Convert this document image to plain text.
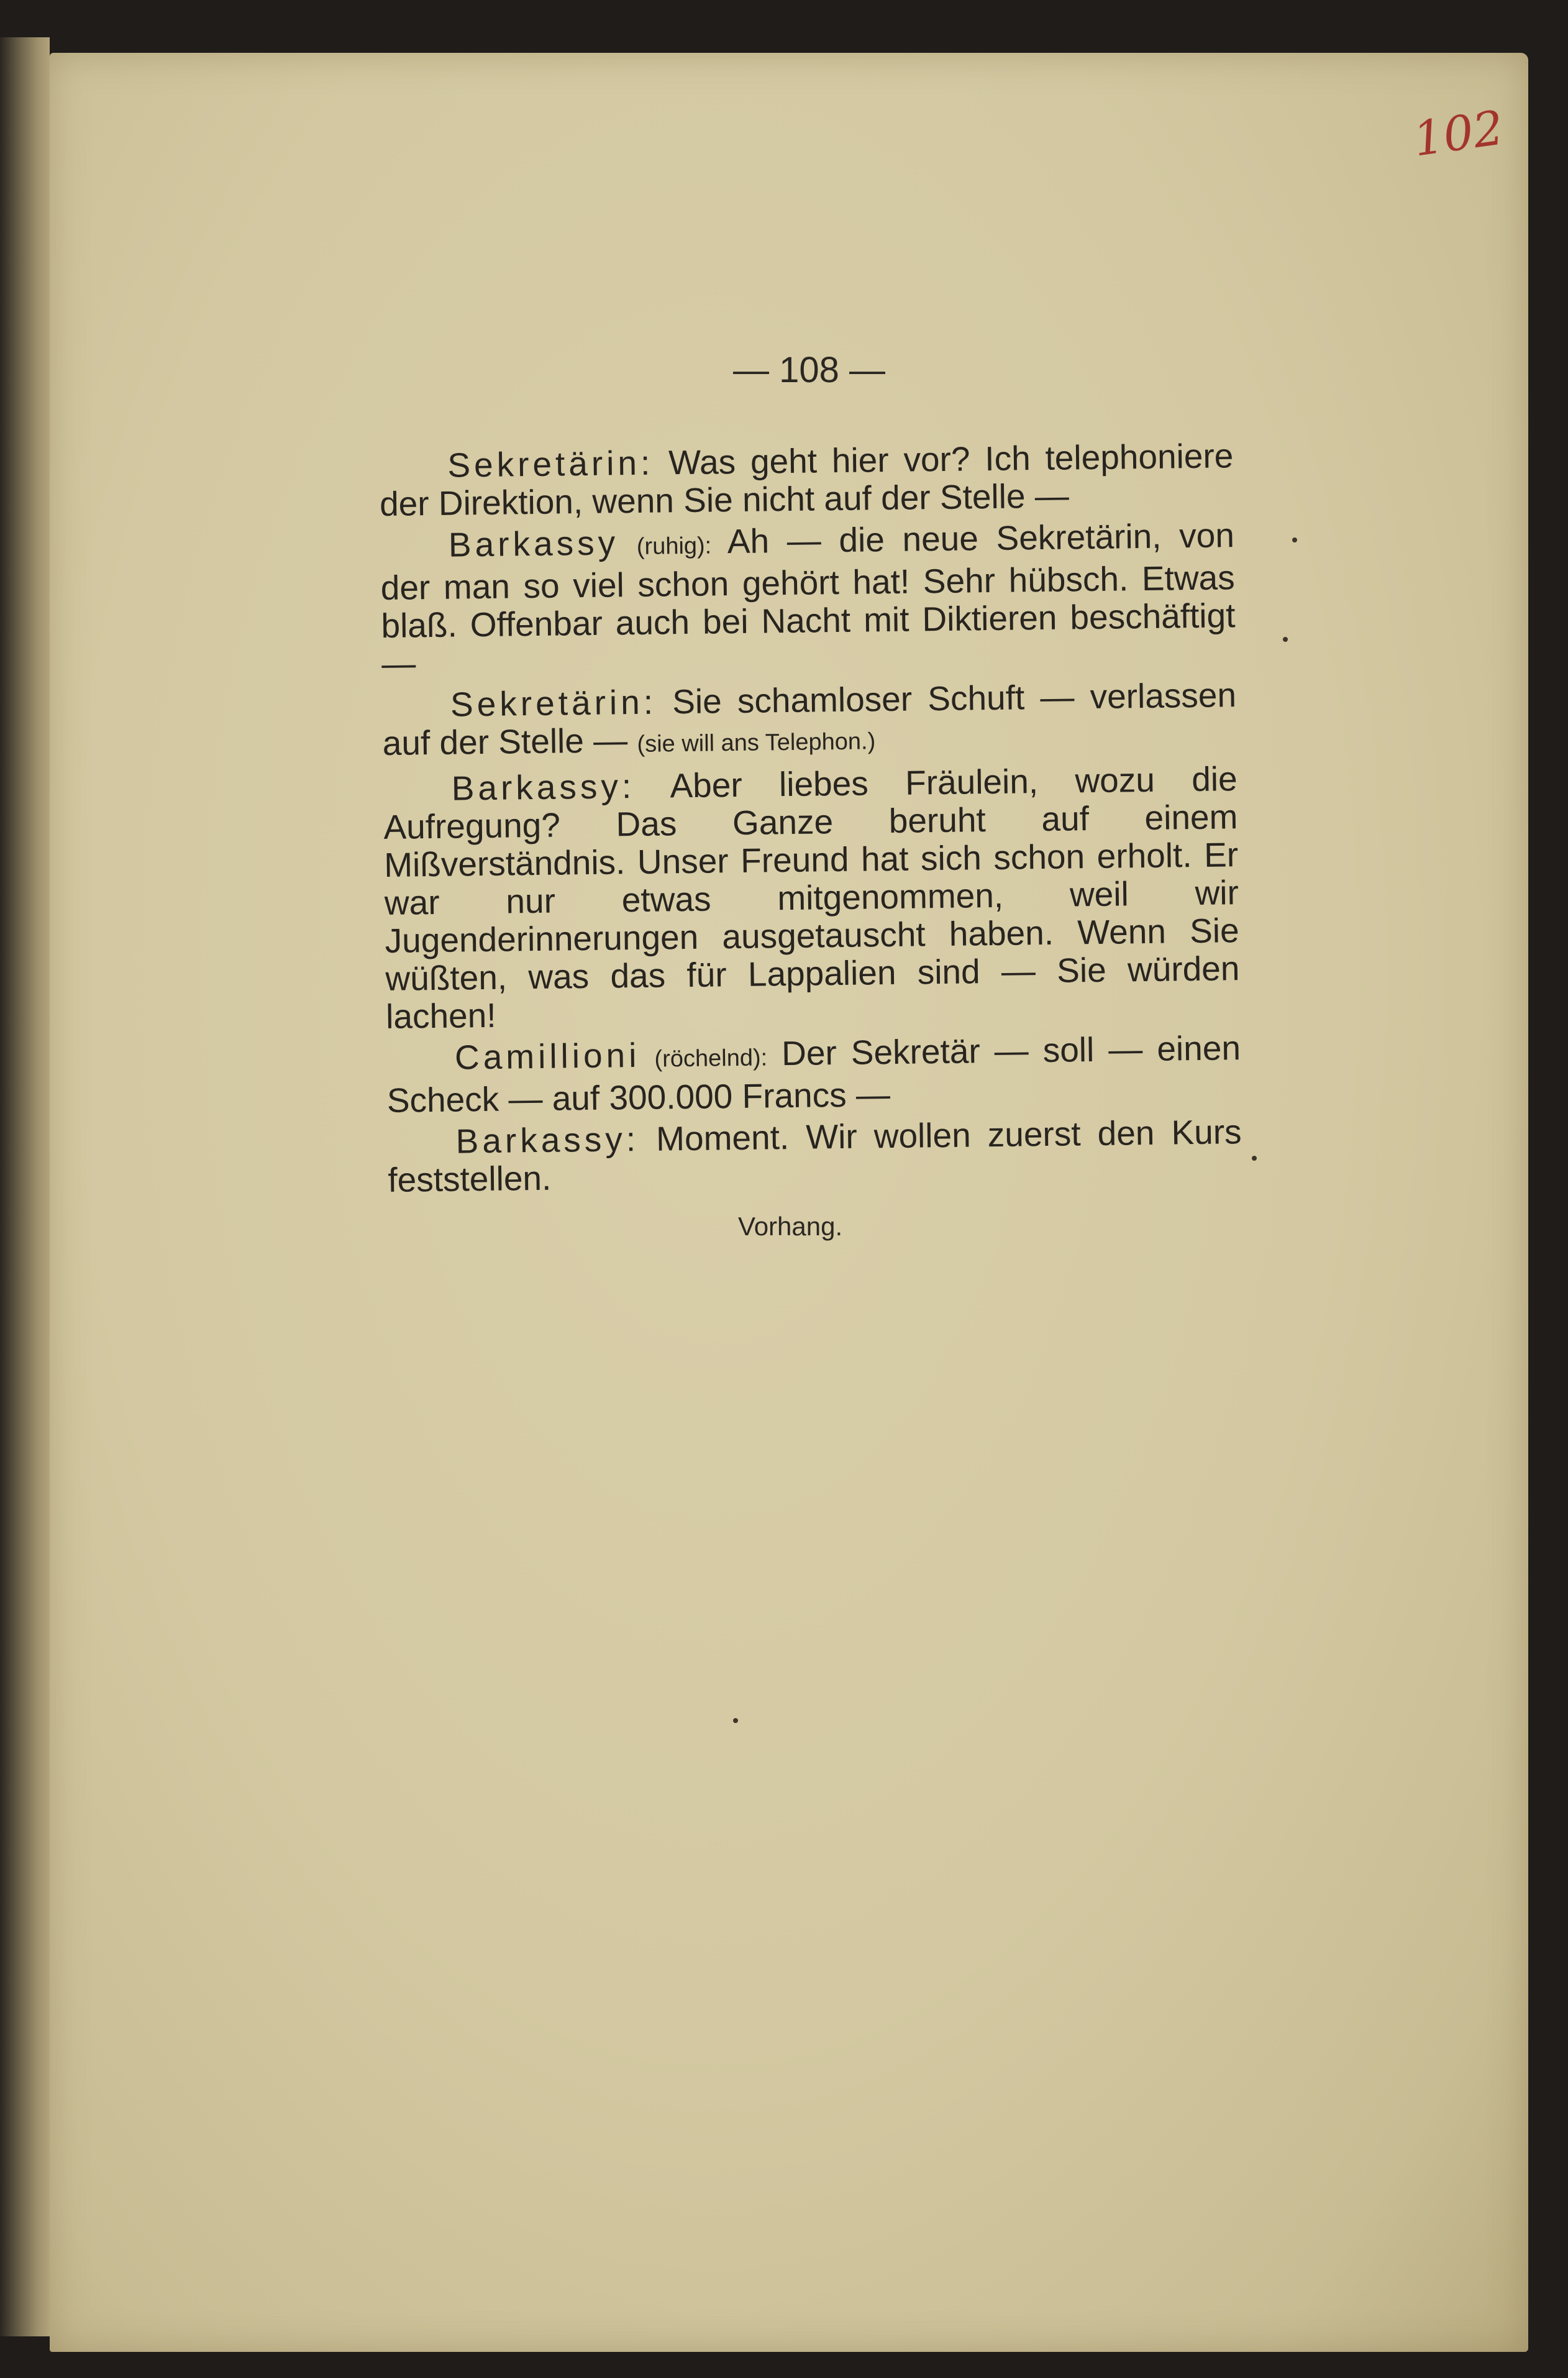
102
— 108 —

Sekretärin: Was geht hier vor? Ich telephoniere der Direktion, wenn Sie nicht auf der Stelle —

Barkassy (ruhig): Ah — die neue Sekretärin, von der man so viel schon gehört hat! Sehr hübsch. Etwas blaß. Offenbar auch bei Nacht mit Diktieren beschäftigt —

Sekretärin: Sie schamloser Schuft — verlassen auf der Stelle — (sie will ans Telephon.)

Barkassy: Aber liebes Fräulein, wozu die Aufregung? Das Ganze beruht auf einem Mißverständnis. Unser Freund hat sich schon erholt. Er war nur etwas mitgenommen, weil wir Jugenderinnerungen ausgetauscht haben. Wenn Sie wüßten, was das für Lappalien sind — Sie würden lachen!

Camillioni (röchelnd): Der Sekretär — soll — einen Scheck — auf 300.000 Francs —

Barkassy: Moment. Wir wollen zuerst den Kurs feststellen.

Vorhang.
